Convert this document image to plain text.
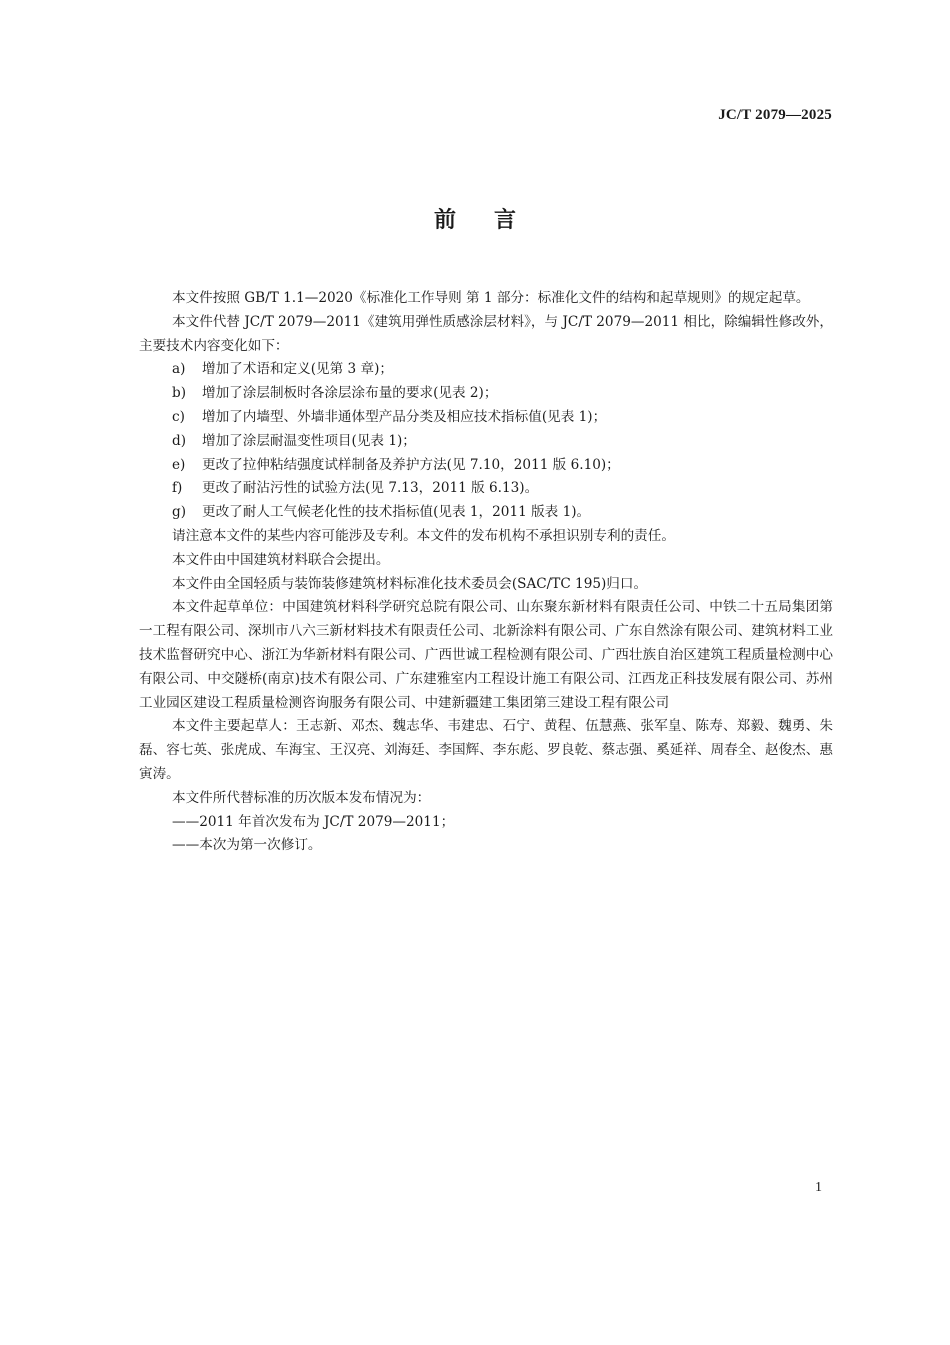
JC/T 2079—2025
前 言

本文件按照 GB/T 1.1—2020《标准化工作导则 第 1 部分：标准化文件的结构和起草规则》的规定起草。

本文件代替 JC/T 2079—2011《建筑用弹性质感涂层材料》，与 JC/T 2079—2011 相比，除编辑性修改外，主要技术内容变化如下：

a) 增加了术语和定义(见第 3 章)；

b) 增加了涂层制板时各涂层涂布量的要求(见表 2)；

c) 增加了内墙型、外墙非通体型产品分类及相应技术指标值(见表 1)；

d) 增加了涂层耐温变性项目(见表 1)；

e) 更改了拉伸粘结强度试样制备及养护方法(见 7.10，2011 版 6.10)；

f) 更改了耐沾污性的试验方法(见 7.13，2011 版 6.13)。

g) 更改了耐人工气候老化性的技术指标值(见表 1，2011 版表 1)。

请注意本文件的某些内容可能涉及专利。本文件的发布机构不承担识别专利的责任。

本文件由中国建筑材料联合会提出。

本文件由全国轻质与装饰装修建筑材料标准化技术委员会(SAC/TC 195)归口。

本文件起草单位：中国建筑材料科学研究总院有限公司、山东聚东新材料有限责任公司、中铁二十五局集团第一工程有限公司、深圳市八六三新材料技术有限责任公司、北新涂料有限公司、广东自然涂有限公司、建筑材料工业技术监督研究中心、浙江为华新材料有限公司、广西世诚工程检测有限公司、广西壮族自治区建筑工程质量检测中心有限公司、中交隧桥(南京)技术有限公司、广东建雅室内工程设计施工有限公司、江西龙正科技发展有限公司、苏州工业园区建设工程质量检测咨询服务有限公司、中建新疆建工集团第三建设工程有限公司

本文件主要起草人：王志新、邓杰、魏志华、韦建忠、石宁、黄程、伍慧燕、张军皇、陈寿、郑毅、魏勇、朱磊、容七英、张虎成、车海宝、王汉亮、刘海廷、李国辉、李东彪、罗良乾、蔡志强、奚延祥、周春全、赵俊杰、惠寅涛。

本文件所代替标准的历次版本发布情况为：

——2011 年首次发布为 JC/T 2079—2011；

——本次为第一次修订。

1
